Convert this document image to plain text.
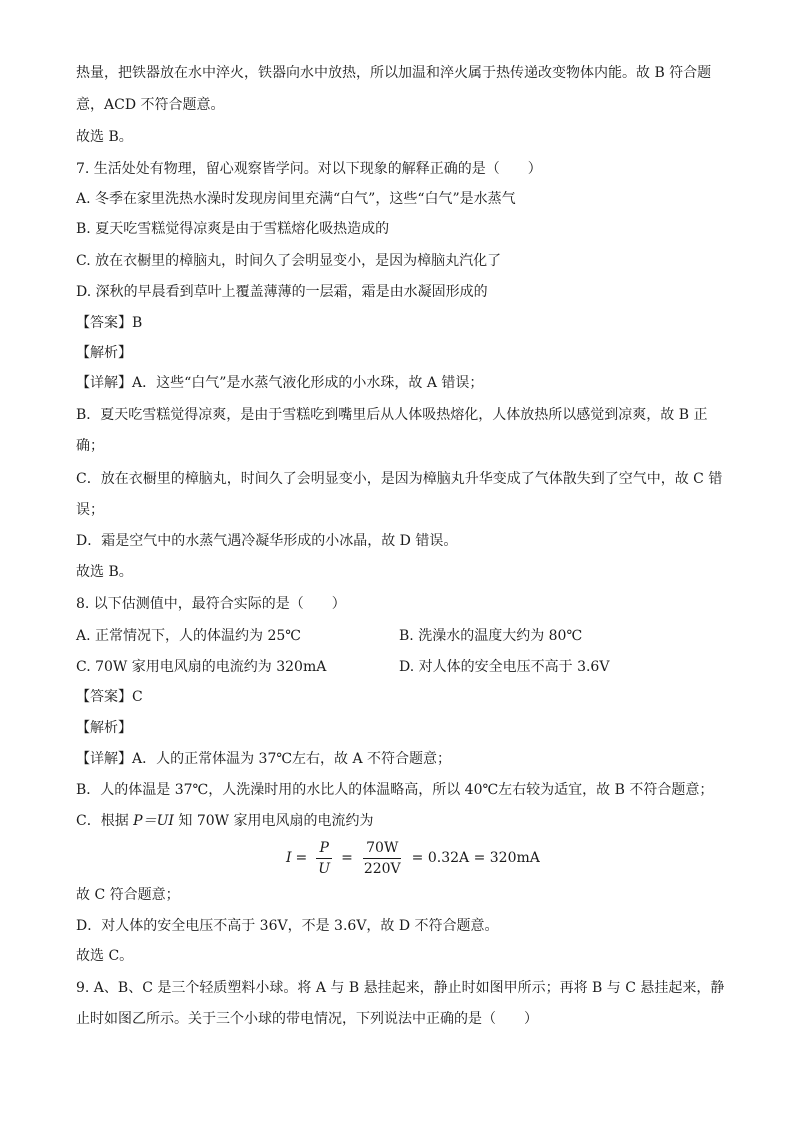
热量，把铁器放在水中淬火，铁器向水中放热，所以加温和淬火属于热传递改变物体内能。故 B 符合题
意，ACD 不符合题意。
故选 B。
7. 生活处处有物理，留心观察皆学问。对以下现象的解释正确的是（　　）
A. 冬季在家里洗热水澡时发现房间里充满“白气”，这些“白气”是水蒸气
B. 夏天吃雪糕觉得凉爽是由于雪糕熔化吸热造成的
C. 放在衣橱里的樟脑丸，时间久了会明显变小，是因为樟脑丸汽化了
D. 深秋的早晨看到草叶上覆盖薄薄的一层霜，霜是由水凝固形成的
【答案】B
【解析】
【详解】A．这些“白气”是水蒸气液化形成的小水珠，故 A 错误；
B．夏天吃雪糕觉得凉爽，是由于雪糕吃到嘴里后从人体吸热熔化，人体放热所以感觉到凉爽，故 B 正
确；
C．放在衣橱里的樟脑丸，时间久了会明显变小，是因为樟脑丸升华变成了气体散失到了空气中，故 C 错
误；
D．霜是空气中的水蒸气遇冷凝华形成的小冰晶，故 D 错误。
故选 B。
8. 以下估测值中，最符合实际的是（　　）
A. 正常情况下，人的体温约为 25℃	B. 洗澡水的温度大约为 80℃
C. 70W 家用电风扇的电流约为 320mA	D. 对人体的安全电压不高于 3.6V
【答案】C
【解析】
【详解】A．人的正常体温为 37℃左右，故 A 不符合题意；
B．人的体温是 37℃，人洗澡时用的水比人的体温略高，所以 40℃左右较为适宜，故 B 不符合题意；
C．根据 P＝UI 知 70W 家用电风扇的电流约为
$I = \frac{P}{U} = \frac{70W}{220V} = 0.32A = 320mA$
故 C 符合题意；
D．对人体的安全电压不高于 36V，不是 3.6V，故 D 不符合题意。
故选 C。
9. A、B、C 是三个轻质塑料小球。将 A 与 B 悬挂起来，静止时如图甲所示；再将 B 与 C 悬挂起来，静
止时如图乙所示。关于三个小球的带电情况，下列说法中正确的是（　　）
